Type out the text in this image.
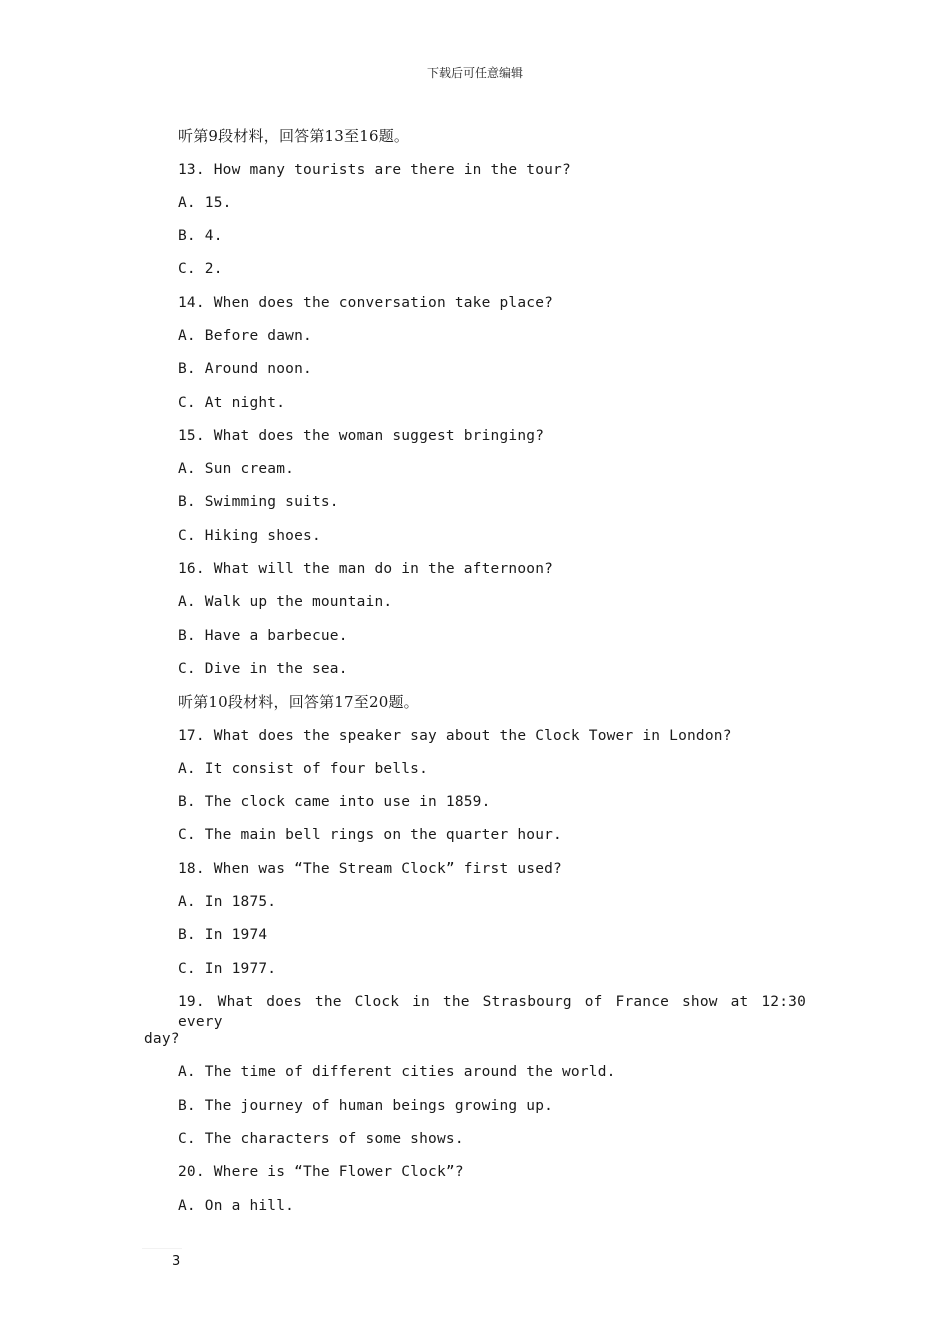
下载后可任意编辑
听第9段材料，回答第13至16题。
13. How many tourists are there in the tour?
A. 15.
B. 4.
C. 2.
14. When does the conversation take place?
A. Before dawn.
B. Around noon.
C. At night.
15. What does the woman suggest bringing?
A. Sun cream.
B. Swimming suits.
C. Hiking shoes.
16. What will the man do in the afternoon?
A. Walk up the mountain.
B. Have a barbecue.
C. Dive in the sea.
听第10段材料，回答第17至20题。
17. What does the speaker say about the Clock Tower in London?
A. It consist of four bells.
B. The clock came into use in 1859.
C. The main bell rings on the quarter hour.
18. When was “The Stream Clock” first used?
A. In 1875.
B. In 1974
C. In 1977.
19. What does the Clock in the Strasbourg of France show at 12:30 every
day?
A. The time of different cities around the world.
B. The journey of human beings growing up.
C. The characters of some shows.
20. Where is “The Flower Clock”?
A. On a hill.
3
